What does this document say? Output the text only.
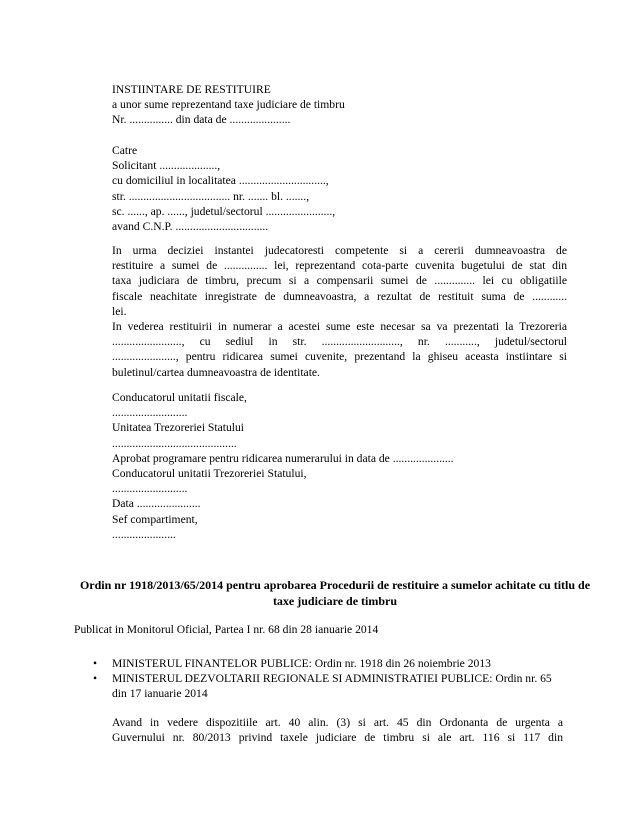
INSTIINTARE DE RESTITUIRE
a unor sume reprezentand taxe judiciare de timbru
Nr. ............... din data de .....................
Catre
Solicitant ....................,
cu domiciliul in localitatea ..............................,
str. ................................... nr. ....... bl. .......,
sc. ......, ap. ......, judetul/sectorul .......................,
avand C.N.P. ................................
In urma deciziei instantei judecatoresti competente si a cererii dumneavoastra de
restituire a sumei de ............... lei, reprezentand cota-parte cuvenita bugetului de stat din
taxa judiciara de timbru, precum si a compensarii sumei de .............. lei cu obligatiile
fiscale neachitate inregistrate de dumneavoastra, a rezultat de restituit suma de ............
lei.
In vederea restituirii in numerar a acestei sume este necesar sa va prezentati la Trezoreria
........................, cu sediul in str. ..........................., nr. ..........., judetul/sectorul
......................, pentru ridicarea sumei cuvenite, prezentand la ghiseu aceasta instiintare si
buletinul/cartea dumneavoastra de identitate.
Conducatorul unitatii fiscale,
..........................
Unitatea Trezoreriei Statului
...........................................
Aprobat programare pentru ridicarea numerarului in data de .....................
Conducatorul unitatii Trezoreriei Statului,
..........................
Data ......................
Sef compartiment,
......................
Ordin nr 1918/2013/65/2014 pentru aprobarea Procedurii de restituire a sumelor achitate cu titlu de taxe judiciare de timbru
Publicat in Monitorul Oficial, Partea I nr. 68 din 28 ianuarie 2014
• MINISTERUL FINANTELOR PUBLICE: Ordin nr. 1918 din 26 noiembrie 2013
• MINISTERUL DEZVOLTARII REGIONALE SI ADMINISTRATIEI PUBLICE: Ordin nr. 65 din 17 ianuarie 2014
Avand in vedere dispozitiile art. 40 alin. (3) si art. 45 din Ordonanta de urgenta a
Guvernului nr. 80/2013 privind taxele judiciare de timbru si ale art. 116 si 117 din
